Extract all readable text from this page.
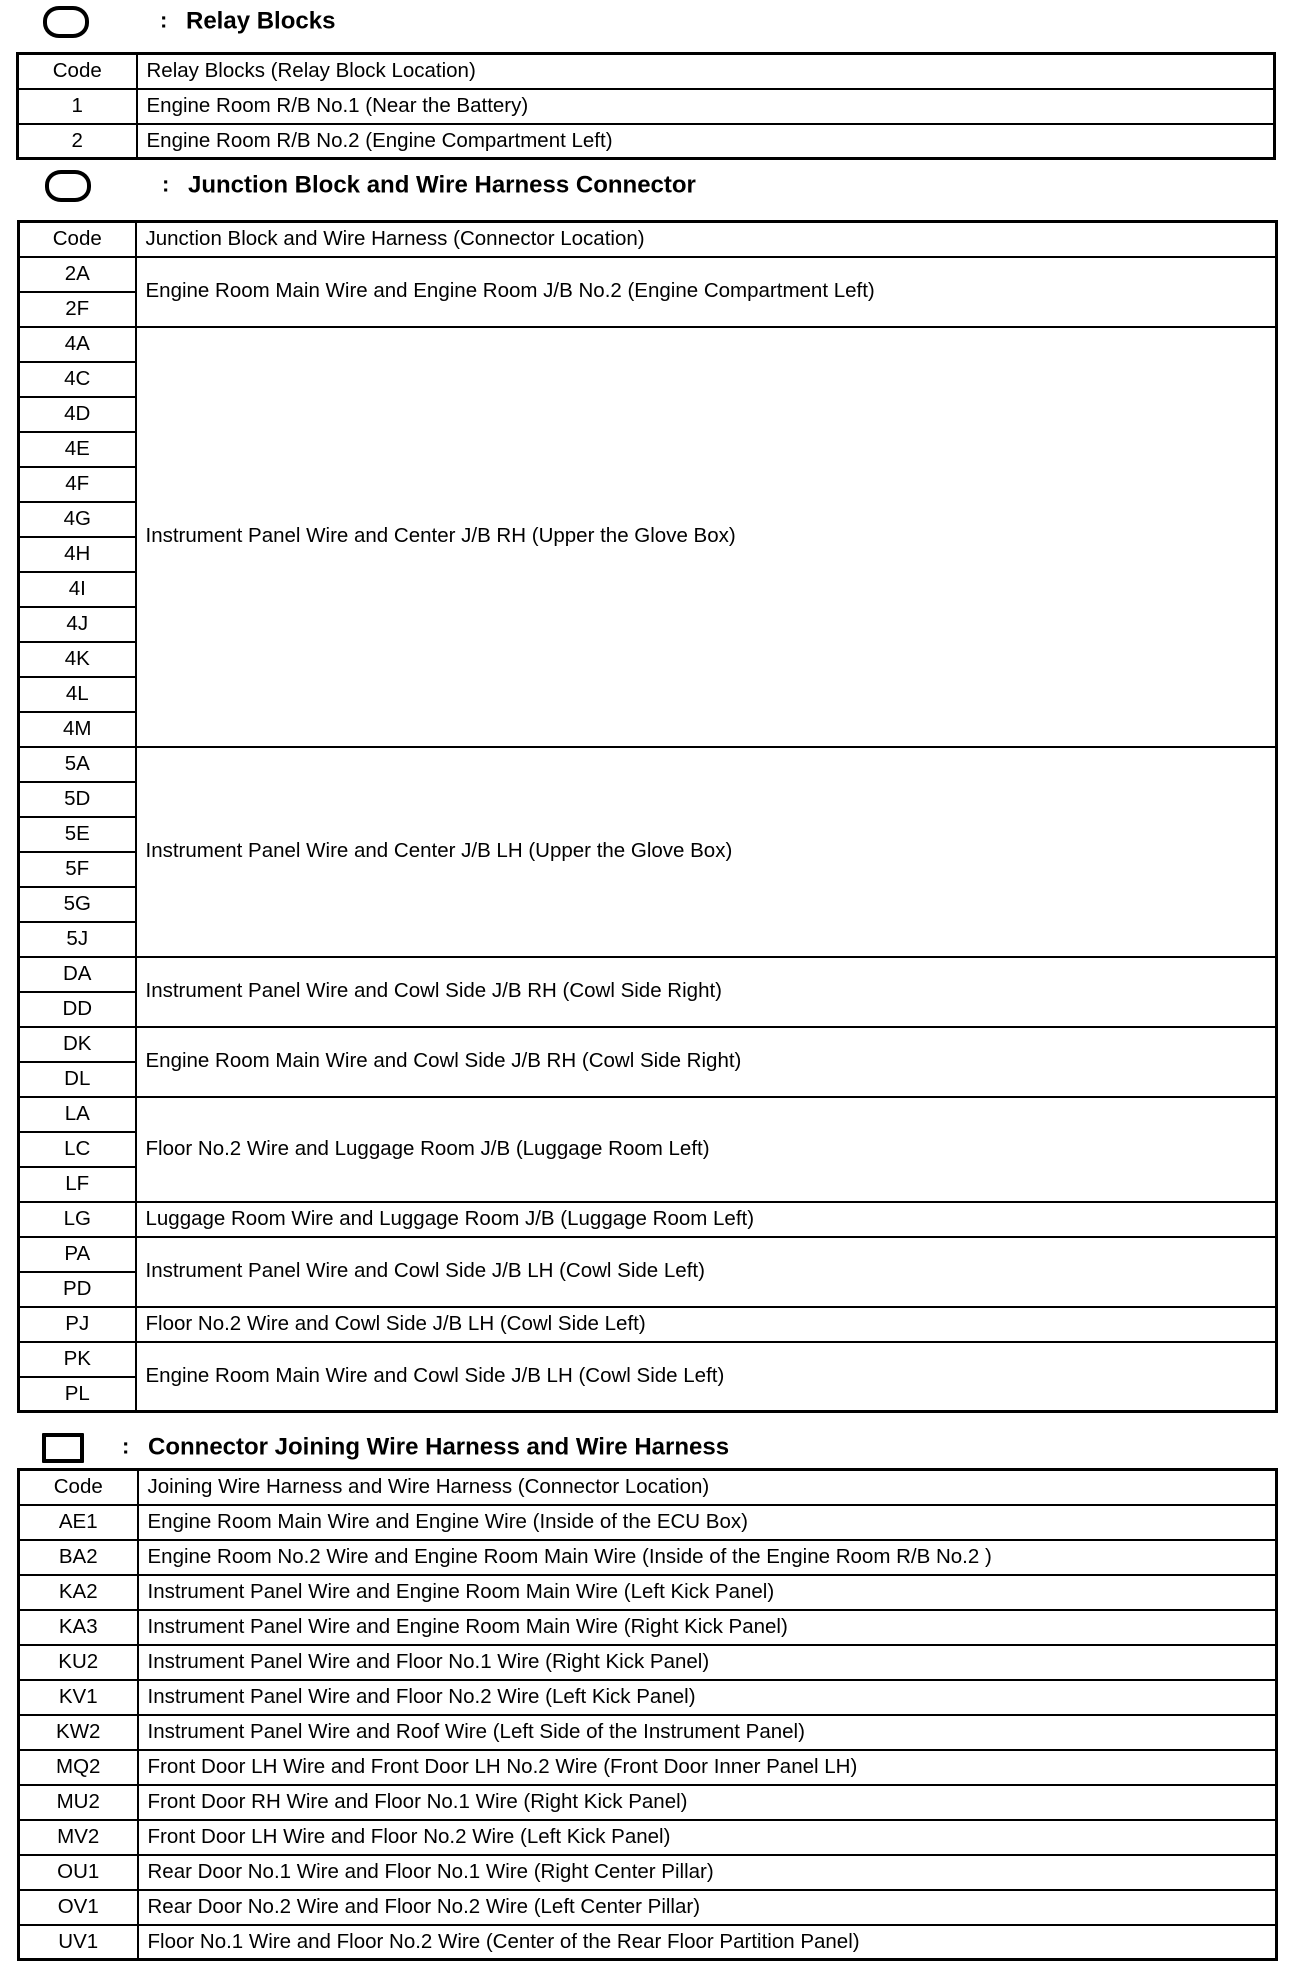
: Relay Blocks
Code	Relay Blocks (Relay Block Location)
1	Engine Room R/B No.1 (Near the Battery)
2	Engine Room R/B No.2 (Engine Compartment Left)
: Junction Block and Wire Harness Connector
Code	Junction Block and Wire Harness (Connector Location)
2A	Engine Room Main Wire and Engine Room J/B No.2 (Engine Compartment Left)
2F	
4A	Instrument Panel Wire and Center J/B RH (Upper the Glove Box)
4C	
4D	
4E	
4F	
4G	
4H	
4I	
4J	
4K	
4L	
4M	
5A	Instrument Panel Wire and Center J/B LH (Upper the Glove Box)
5D	
5E	
5F	
5G	
5J	
DA	Instrument Panel Wire and Cowl Side J/B RH (Cowl Side Right)
DD	
DK	Engine Room Main Wire and Cowl Side J/B RH (Cowl Side Right)
DL	
LA	Floor No.2 Wire and Luggage Room J/B (Luggage Room Left)
LC	
LF	
LG	Luggage Room Wire and Luggage Room J/B (Luggage Room Left)
PA	Instrument Panel Wire and Cowl Side J/B LH (Cowl Side Left)
PD	
PJ	Floor No.2 Wire and Cowl Side J/B LH (Cowl Side Left)
PK	Engine Room Main Wire and Cowl Side J/B LH (Cowl Side Left)
PL	
: Connector Joining Wire Harness and Wire Harness
Code	Joining Wire Harness and Wire Harness (Connector Location)
AE1	Engine Room Main Wire and Engine Wire (Inside of the ECU Box)
BA2	Engine Room No.2 Wire and Engine Room Main Wire (Inside of the Engine Room R/B No.2 )
KA2	Instrument Panel Wire and Engine Room Main Wire (Left Kick Panel)
KA3	Instrument Panel Wire and Engine Room Main Wire (Right Kick Panel)
KU2	Instrument Panel Wire and Floor No.1 Wire (Right Kick Panel)
KV1	Instrument Panel Wire and Floor No.2 Wire (Left Kick Panel)
KW2	Instrument Panel Wire and Roof Wire (Left Side of the Instrument Panel)
MQ2	Front Door LH Wire and Front Door LH No.2 Wire (Front Door Inner Panel LH)
MU2	Front Door RH Wire and Floor No.1 Wire (Right Kick Panel)
MV2	Front Door LH Wire and Floor No.2 Wire (Left Kick Panel)
OU1	Rear Door No.1 Wire and Floor No.1 Wire (Right Center Pillar)
OV1	Rear Door No.2 Wire and Floor No.2 Wire (Left Center Pillar)
UV1	Floor No.1 Wire and Floor No.2 Wire (Center of the Rear Floor Partition Panel)
